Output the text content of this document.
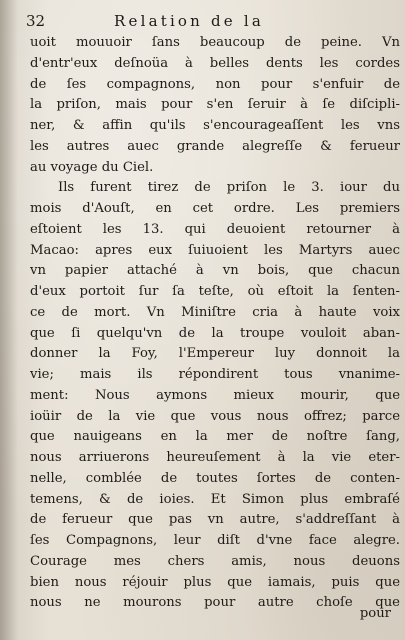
32	Relation de la
uoit mouuoir ſans beaucoup de peine. Vn
d'entr'eux deſnoüa à belles dents les cordes
de ſes compagnons, non pour s'enfuir de
la priſon, mais pour s'en ſeruir à ſe diſcipli-
ner, & affin qu'ils s'encourageaſſent les vns
les autres auec grande alegreſſe & ferueur
au voyage du Ciel.
Ils furent tirez de priſon le 3. iour du
mois d'Aouſt, en cet ordre. Les premiers
eſtoient les 13. qui deuoient retourner à
Macao: apres eux ſuiuoient les Martyrs auec
vn papier attaché à vn bois, que chacun
d'eux portoit ſur ſa teſte, où eſtoit la ſenten-
ce de mort. Vn Miniſtre cria à haute voix
que ſi quelqu'vn de la troupe vouloit aban-
donner la Foy, l'Empereur luy donnoit la
vie; mais ils répondirent tous vnanime-
ment: Nous aymons mieux mourir, que
ioüir de la vie que vous nous offrez; parce
que nauigeans en la mer de noſtre ſang,
nous arriuerons heureuſement à la vie eter-
nelle, comblée de toutes ſortes de conten-
temens, & de ioies. Et Simon plus embraſé
de ferueur que pas vn autre, s'addreſſant à
ſes Compagnons, leur diſt d'vne face alegre.
Courage mes chers amis, nous deuons
bien nous réjouir plus que iamais, puis que
nous ne mourons pour autre choſe que
pour
